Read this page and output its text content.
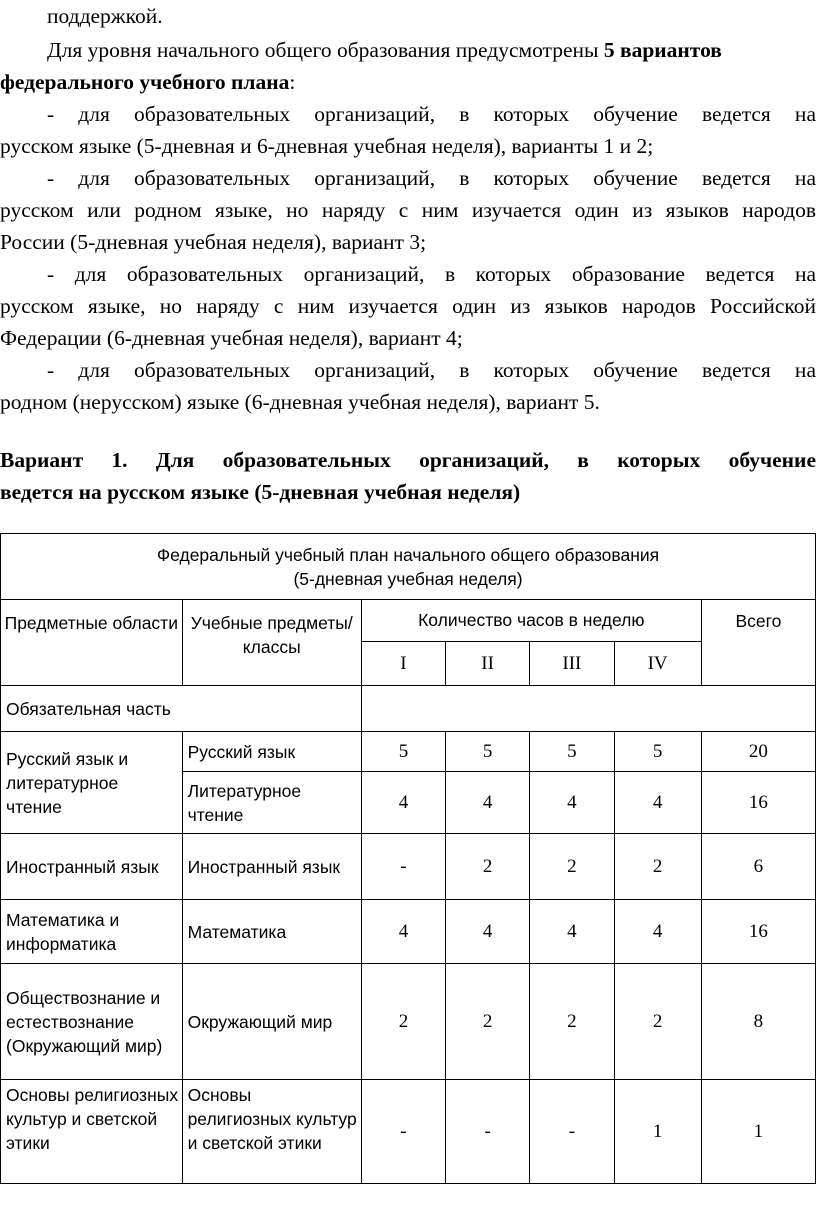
поддержкой.
Для уровня начального общего образования предусмотрены 5 вариантов
федерального учебного плана:
- для образовательных организаций, в которых обучение ведется на
русском языке (5-дневная и 6-дневная учебная неделя), варианты 1 и 2;
- для образовательных организаций, в которых обучение ведется на
русском или родном языке, но наряду с ним изучается один из языков народов
России (5-дневная учебная неделя), вариант 3;
- для образовательных организаций, в которых образование ведется на
русском языке, но наряду с ним изучается один из языков народов Российской
Федерации (6-дневная учебная неделя), вариант 4;
- для образовательных организаций, в которых обучение ведется на
родном (нерусском) языке (6-дневная учебная неделя), вариант 5.
Вариант 1. Для образовательных организаций, в которых обучение
ведется на русском языке (5-дневная учебная неделя)
Федеральный учебный план начального общего образования
(5-дневная учебная неделя)						

Предметные области	Учебные предметы/классы	Количество часов в неделю				Всего
		I	II	III	IV	
Обязательная часть						
Русский язык и литературное чтение	Русский язык	5	5	5	5	20
	Литературное чтение	4	4	4	4	16
Иностранный язык	Иностранный язык	-	2	2	2	6
Математика и информатика	Математика	4	4	4	4	16
Обществознание и естествознание (Окружающий мир)	Окружающий мир	2	2	2	2	8
Основы религиозных культур и светской этики	Основы религиозных культур и светской этики	-	-	-	1	1
